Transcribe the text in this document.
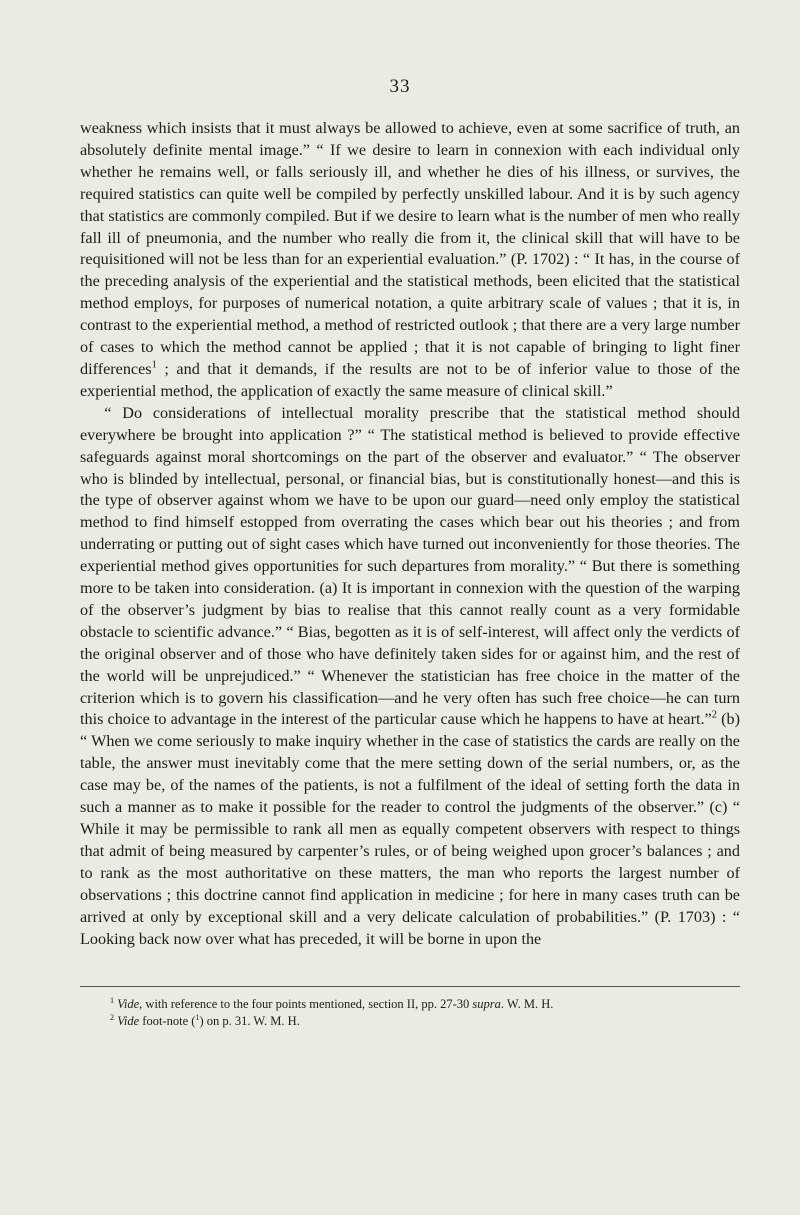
33

weakness which insists that it must always be allowed to achieve, even at some sacrifice of truth, an absolutely definite mental image.” “ If we desire to learn in connexion with each individual only whether he remains well, or falls seriously ill, and whether he dies of his illness, or survives, the required statistics can quite well be compiled by perfectly unskilled labour. And it is by such agency that statistics are commonly compiled. But if we desire to learn what is the number of men who really fall ill of pneumonia, and the number who really die from it, the clinical skill that will have to be requisitioned will not be less than for an experiential evaluation.” (P. 1702) : “ It has, in the course of the preceding analysis of the experiential and the statistical methods, been elicited that the statistical method employs, for purposes of numerical notation, a quite arbitrary scale of values ; that it is, in contrast to the experiential method, a method of restricted outlook ; that there are a very large number of cases to which the method cannot be applied ; that it is not capable of bringing to light finer differences$^1$ ; and that it demands, if the results are not to be of inferior value to those of the experiential method, the application of exactly the same measure of clinical skill.”

“ Do considerations of intellectual morality prescribe that the statistical method should everywhere be brought into application ?” “ The statistical method is believed to provide effective safeguards against moral shortcomings on the part of the observer and evaluator.” “ The observer who is blinded by intellectual, personal, or financial bias, but is constitutionally honest—and this is the type of observer against whom we have to be upon our guard—need only employ the statistical method to find himself estopped from overrating the cases which bear out his theories ; and from underrating or putting out of sight cases which have turned out inconveniently for those theories. The experiential method gives opportunities for such departures from morality.” “ But there is something more to be taken into consideration. (a) It is important in connexion with the question of the warping of the observer’s judgment by bias to realise that this cannot really count as a very formidable obstacle to scientific advance.” “ Bias, begotten as it is of self-interest, will affect only the verdicts of the original observer and of those who have definitely taken sides for or against him, and the rest of the world will be unprejudiced.” “ Whenever the statistician has free choice in the matter of the criterion which is to govern his classification—and he very often has such free choice—he can turn this choice to advantage in the interest of the particular cause which he happens to have at heart.”$^2$ (b) “ When we come seriously to make inquiry whether in the case of statistics the cards are really on the table, the answer must inevitably come that the mere setting down of the serial numbers, or, as the case may be, of the names of the patients, is not a fulfilment of the ideal of setting forth the data in such a manner as to make it possible for the reader to control the judgments of the observer.” (c) “ While it may be permissible to rank all men as equally competent observers with respect to things that admit of being measured by carpenter’s rules, or of being weighed upon grocer’s balances ; and to rank as the most authoritative on these matters, the man who reports the largest number of observations ; this doctrine cannot find application in medicine ; for here in many cases truth can be arrived at only by exceptional skill and a very delicate calculation of probabilities.” (P. 1703) : “ Looking back now over what has preceded, it will be borne in upon the

$^1$ Vide, with reference to the four points mentioned, section II, pp. 27-30 supra. W. M. H.
$^2$ Vide foot-note ($^1$) on p. 31. W. M. H.
